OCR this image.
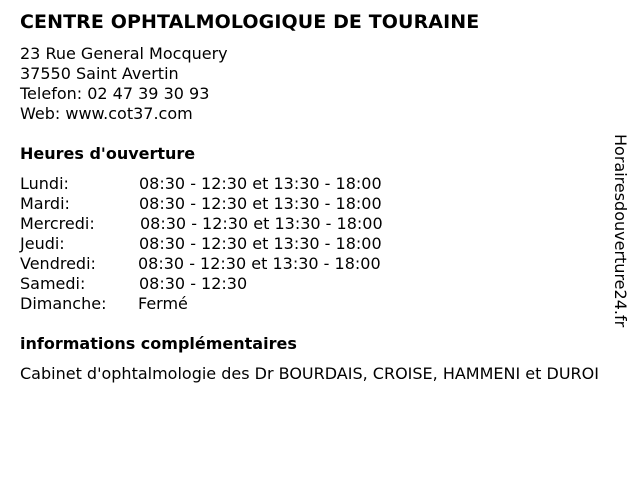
CENTRE OPHTALMOLOGIQUE DE TOURAINE
23 Rue General Mocquery
37550 Saint Avertin
Telefon: 02 47 39 30 93
Web: www.cot37.com
Heures d'ouverture
Lundi:	08:30 - 12:30 et 13:30 - 18:00
Mardi:	08:30 - 12:30 et 13:30 - 18:00
Mercredi:	08:30 - 12:30 et 13:30 - 18:00
Jeudi:	08:30 - 12:30 et 13:30 - 18:00
Vendredi:	08:30 - 12:30 et 13:30 - 18:00
Samedi:	08:30 - 12:30
Dimanche: Fermé
informations complémentaires
Cabinet d'ophtalmologie des Dr BOURDAIS, CROISE, HAMMENI et DUROI
Horairesdouverture24.fr
